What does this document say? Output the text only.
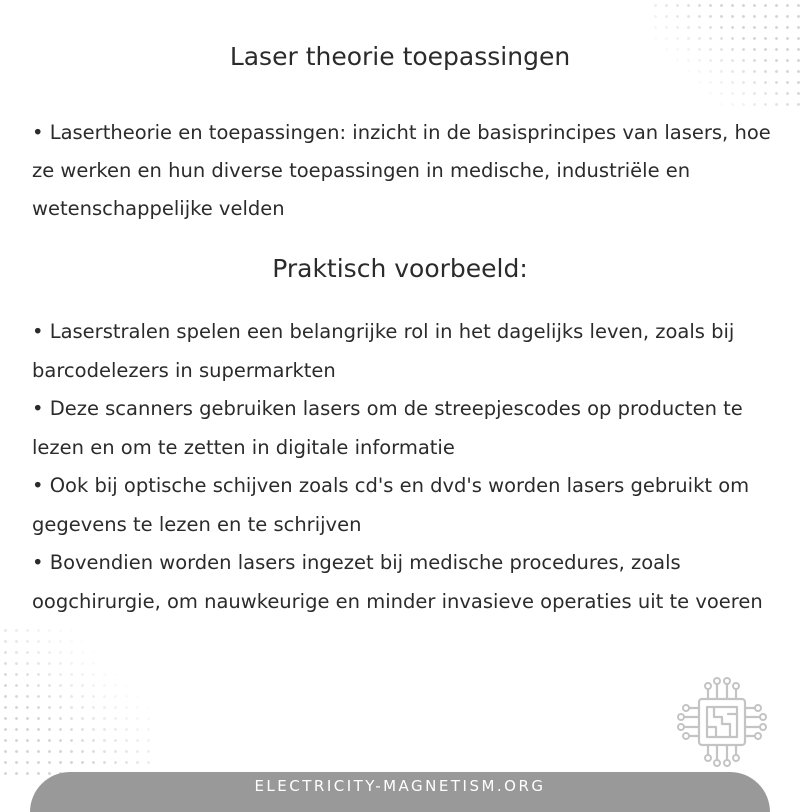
Laser theorie toepassingen
• Lasertheorie en toepassingen: inzicht in de basisprincipes van lasers, hoe ze werken en hun diverse toepassingen in medische, industriële en wetenschappelijke velden
Praktisch voorbeeld:
• Laserstralen spelen een belangrijke rol in het dagelijks leven, zoals bij barcodelezers in supermarkten
• Deze scanners gebruiken lasers om de streepjescodes op producten te lezen en om te zetten in digitale informatie
• Ook bij optische schijven zoals cd's en dvd's worden lasers gebruikt om gegevens te lezen en te schrijven
• Bovendien worden lasers ingezet bij medische procedures, zoals oogchirurgie, om nauwkeurige en minder invasieve operaties uit te voeren
ELECTRICITY-MAGNETISM.ORG
